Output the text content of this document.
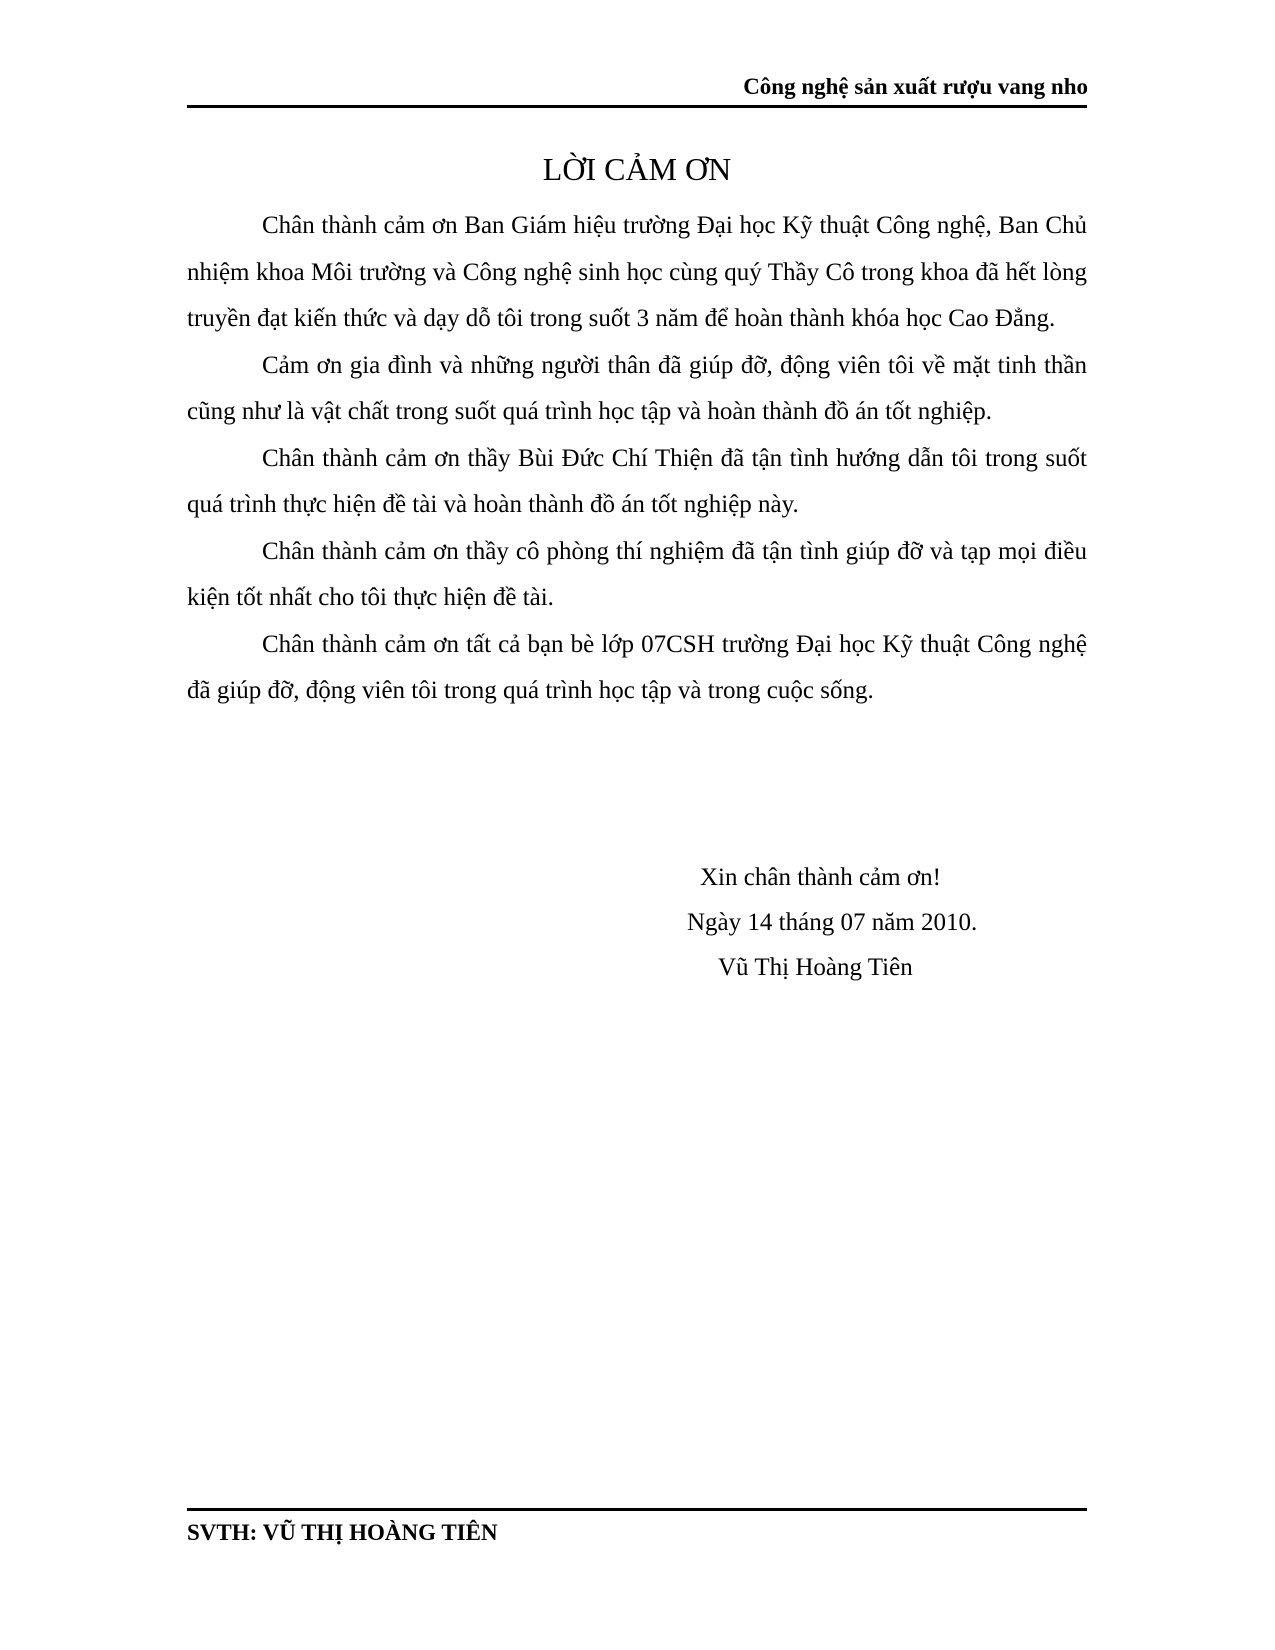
Công nghệ sản xuất rượu vang nho
LỜI CẢM ƠN

Chân thành cảm ơn Ban Giám hiệu trường Đại học Kỹ thuật Công nghệ, Ban Chủ nhiệm khoa Môi trường và Công nghệ sinh học cùng quý Thầy Cô trong khoa đã hết lòng truyền đạt kiến thức và dạy dỗ tôi trong suốt 3 năm để hoàn thành khóa học Cao Đẳng.

Cảm ơn gia đình và những người thân đã giúp đỡ, động viên tôi về mặt tinh thần cũng như là vật chất trong suốt quá trình học tập và hoàn thành đồ án tốt nghiệp.

Chân thành cảm ơn thầy Bùi Đức Chí Thiện đã tận tình hướng dẫn tôi trong suốt quá trình thực hiện đề tài và hoàn thành đồ án tốt nghiệp này.

Chân thành cảm ơn thầy cô phòng thí nghiệm đã tận tình giúp đỡ và tạp mọi điều kiện tốt nhất cho tôi thực hiện đề tài.

Chân thành cảm ơn tất cả bạn bè lớp 07CSH trường Đại học Kỹ thuật Công nghệ đã giúp đỡ, động viên tôi trong quá trình học tập và trong cuộc sống.

Xin chân thành cảm ơn!
Ngày 14 tháng 07 năm 2010.
Vũ Thị Hoàng Tiên
SVTH: VŨ THỊ HOÀNG TIÊN
